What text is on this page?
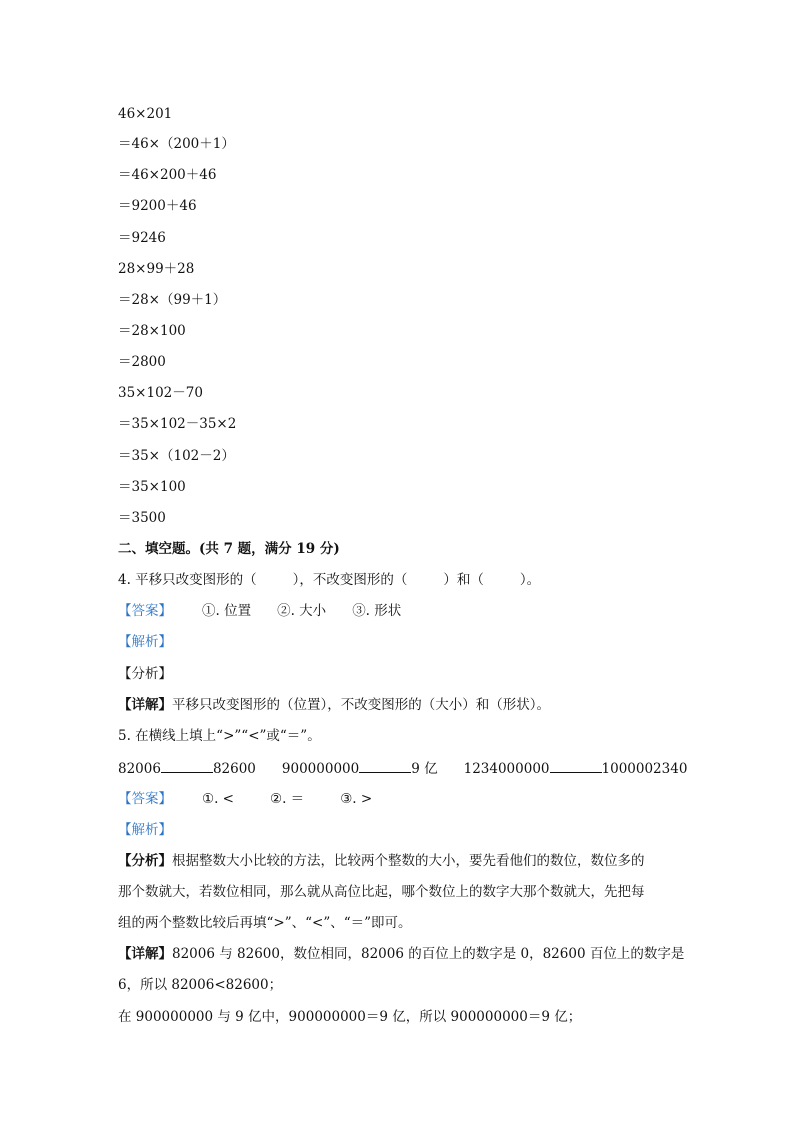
46×201
＝46×（200＋1）
＝46×200＋46
＝9200＋46
＝9246
28×99＋28
＝28×（99＋1）
＝28×100
＝2800
35×102－70
＝35×102－35×2
＝35×（102－2）
＝35×100
＝3500
二、填空题。(共 7 题，满分 19 分)
4. 平移只改变图形的（	），不改变图形的（	）和（	）。
【答案】 ①. 位置 ②. 大小 ③. 形状
【解析】
【分析】
【详解】平移只改变图形的（位置），不改变图形的（大小）和（形状）。
5. 在横线上填上“>”“<”或“＝”。
82006	82600 900000000	9 亿 1234000000	1000002340
【答案】 ①. <	②. ＝	③. >
【解析】
【分析】根据整数大小比较的方法，比较两个整数的大小，要先看他们的数位，数位多的
那个数就大，若数位相同，那么就从高位比起，哪个数位上的数字大那个数就大，先把每
组的两个整数比较后再填“>”、“<”、“＝”即可。
【详解】82006 与 82600，数位相同，82006 的百位上的数字是 0，82600 百位上的数字是
6，所以 82006<82600；
在 900000000 与 9 亿中，900000000＝9 亿，所以 900000000＝9 亿；
